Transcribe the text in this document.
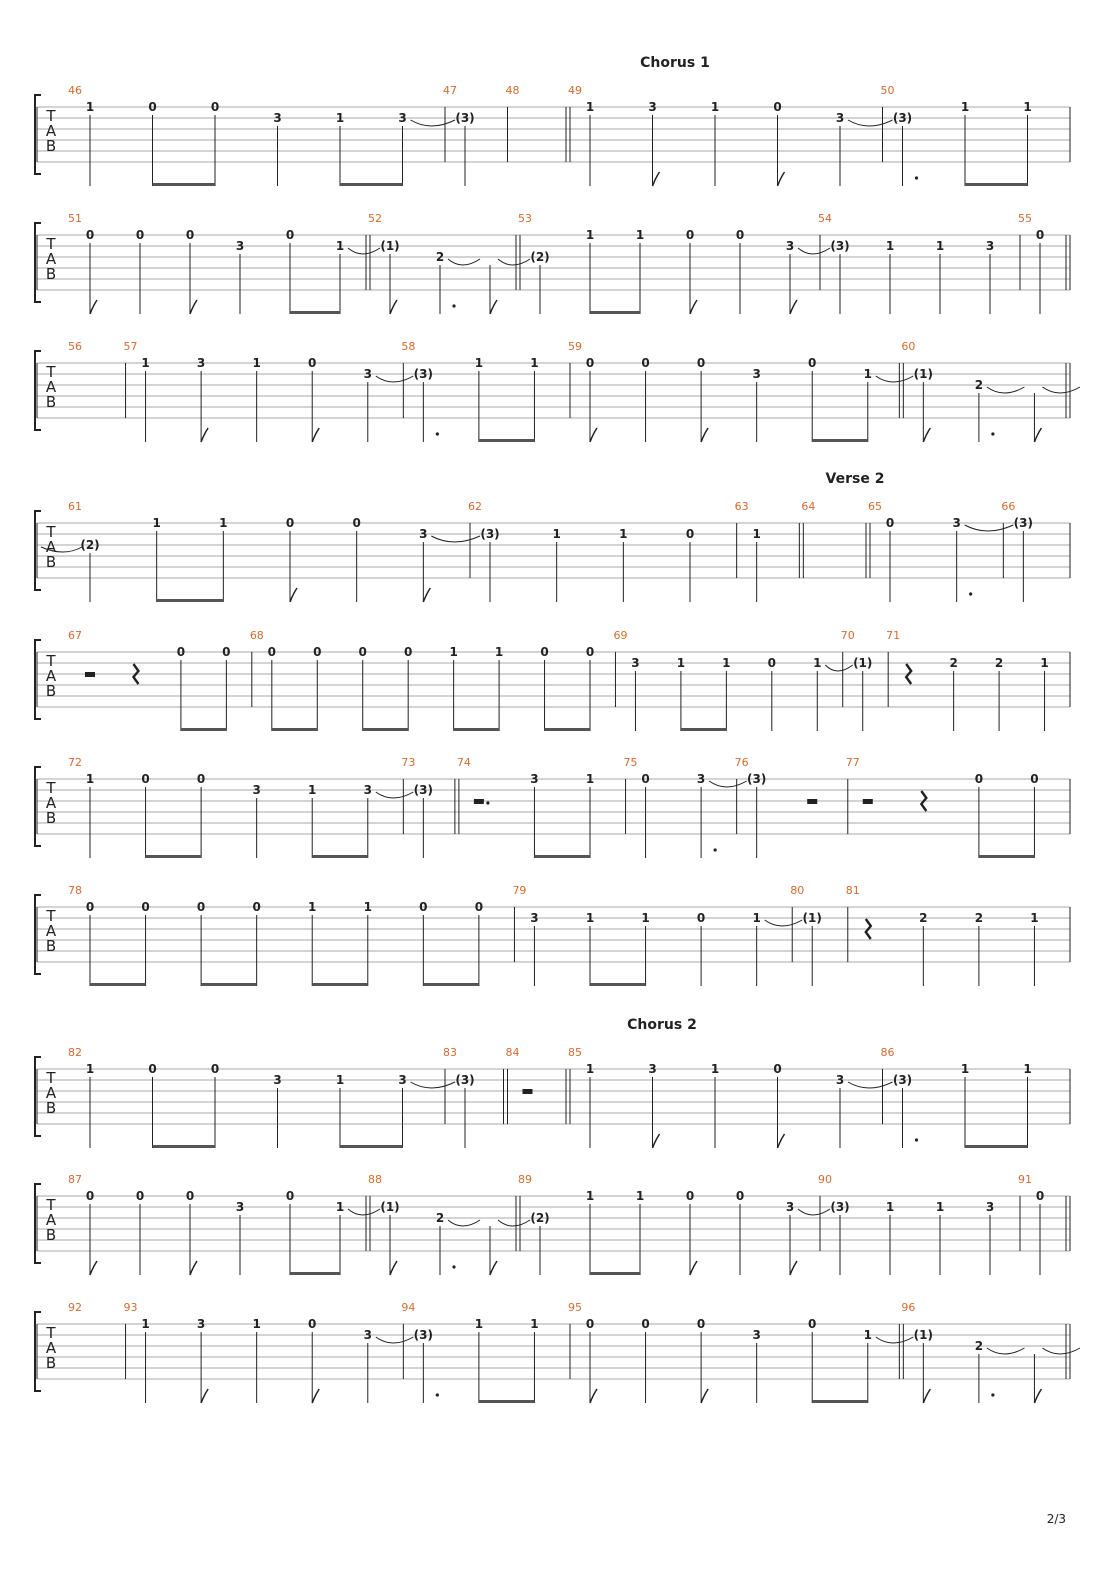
Chorus 1
T
A
B
46
1	0	0
3	1	3
47
(3)
48	49
1	3	1	0
3
50
(3)
1	1
T
A
B
51
0	0	0
3
0
1
52
(1)
2
53
(2)
1	1	0	0
3
54
(3)	1	1	3
55
0
T
A
B
56	57
1	3	1	0
3
58
(3)
1	1
59
0	0	0
3
0
1
60
(1)
2
Verse 2
T
A
B
61
(2)
1	1	0	0
3
62
(3)	1	1	0
63
1
64	65
0	3
66
(3)
T
A
B
67
0	0
68
0	0	0	0	1	1	0	0
69
3	1	1	0	1
70
(1)
71
2	2	1
T
A
B
72
1	0	0
3	1	3
73
(3)
74
3	1
75
0	3
76
(3)
77
0	0
T
A
B
78
0	0	0	0	1	1	0	0
79
3	1	1	0	1
80
(1)
81
2	2	1
Chorus 2
T
A
B
82
1	0	0
3	1	3
83
(3)
84	85
1	3	1	0
3
86
(3)
1	1
T
A
B
87
0	0	0
3
0
1
88
(1)
2
89
(2)
1	1	0	0
3
90
(3)	1	1	3
91
0
T
A
B
92	93
1	3	1	0
3
94
(3)
1	1
95
0	0	0
3
0
1
96
(1)
2
2/3
